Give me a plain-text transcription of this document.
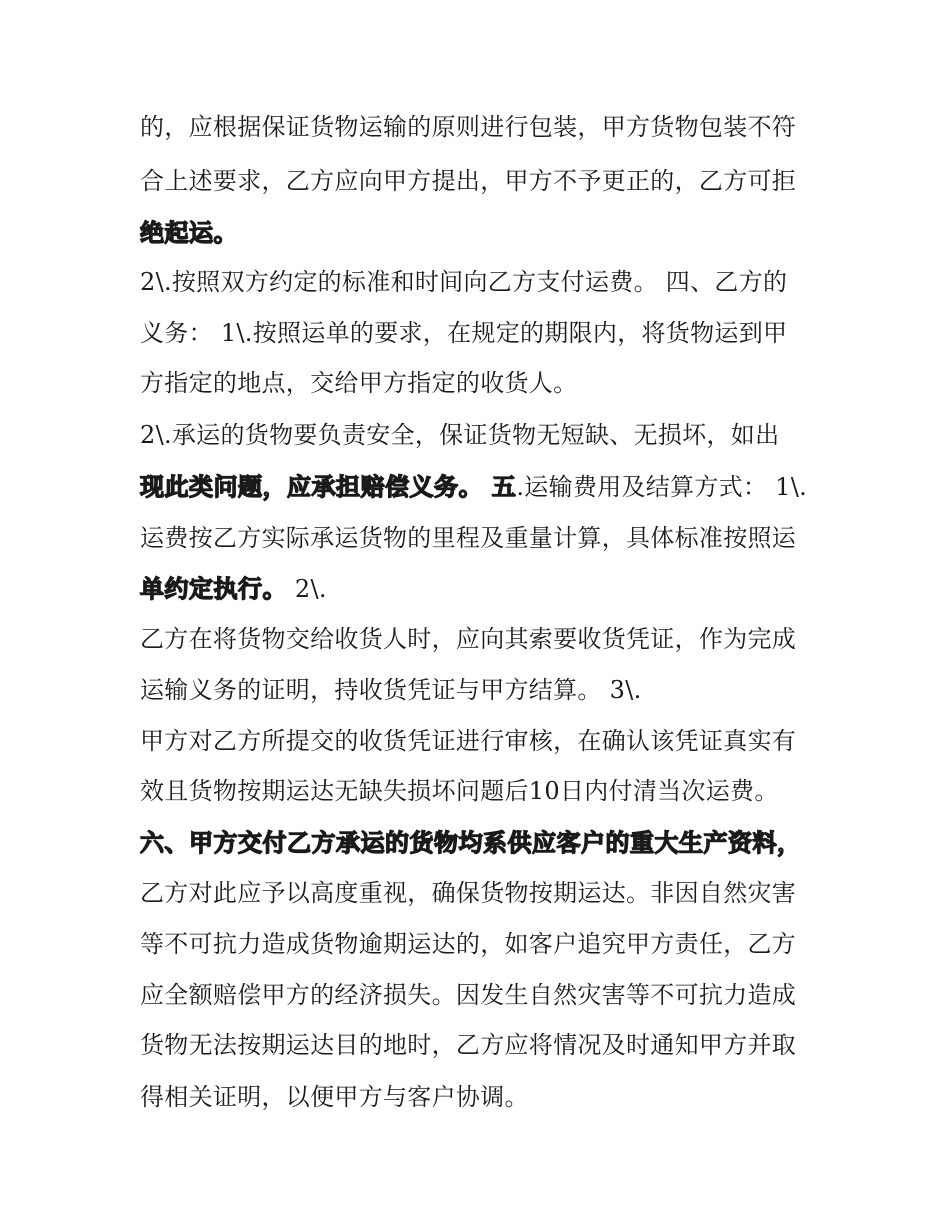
的，应根据保证货物运输的原则进行包装，甲方货物包装不符
合上述要求，乙方应向甲方提出，甲方不予更正的，乙方可拒
绝起运。
2\.按照双方约定的标准和时间向乙方支付运费。 四、乙方的
义务： 1\.按照运单的要求，在规定的期限内，将货物运到甲
方指定的地点，交给甲方指定的收货人。
2\.承运的货物要负责安全，保证货物无短缺、无损坏，如出
现此类问题，应承担赔偿义务。 五.运输费用及结算方式： 1\.
运费按乙方实际承运货物的里程及重量计算，具体标准按照运
单约定执行。 2\.
乙方在将货物交给收货人时，应向其索要收货凭证，作为完成
运输义务的证明，持收货凭证与甲方结算。 3\.
甲方对乙方所提交的收货凭证进行审核，在确认该凭证真实有
效且货物按期运达无缺失损坏问题后10日内付清当次运费。
六、甲方交付乙方承运的货物均系供应客户的重大生产资料，
乙方对此应予以高度重视，确保货物按期运达。非因自然灾害
等不可抗力造成货物逾期运达的，如客户追究甲方责任，乙方
应全额赔偿甲方的经济损失。因发生自然灾害等不可抗力造成
货物无法按期运达目的地时，乙方应将情况及时通知甲方并取
得相关证明，以便甲方与客户协调。
